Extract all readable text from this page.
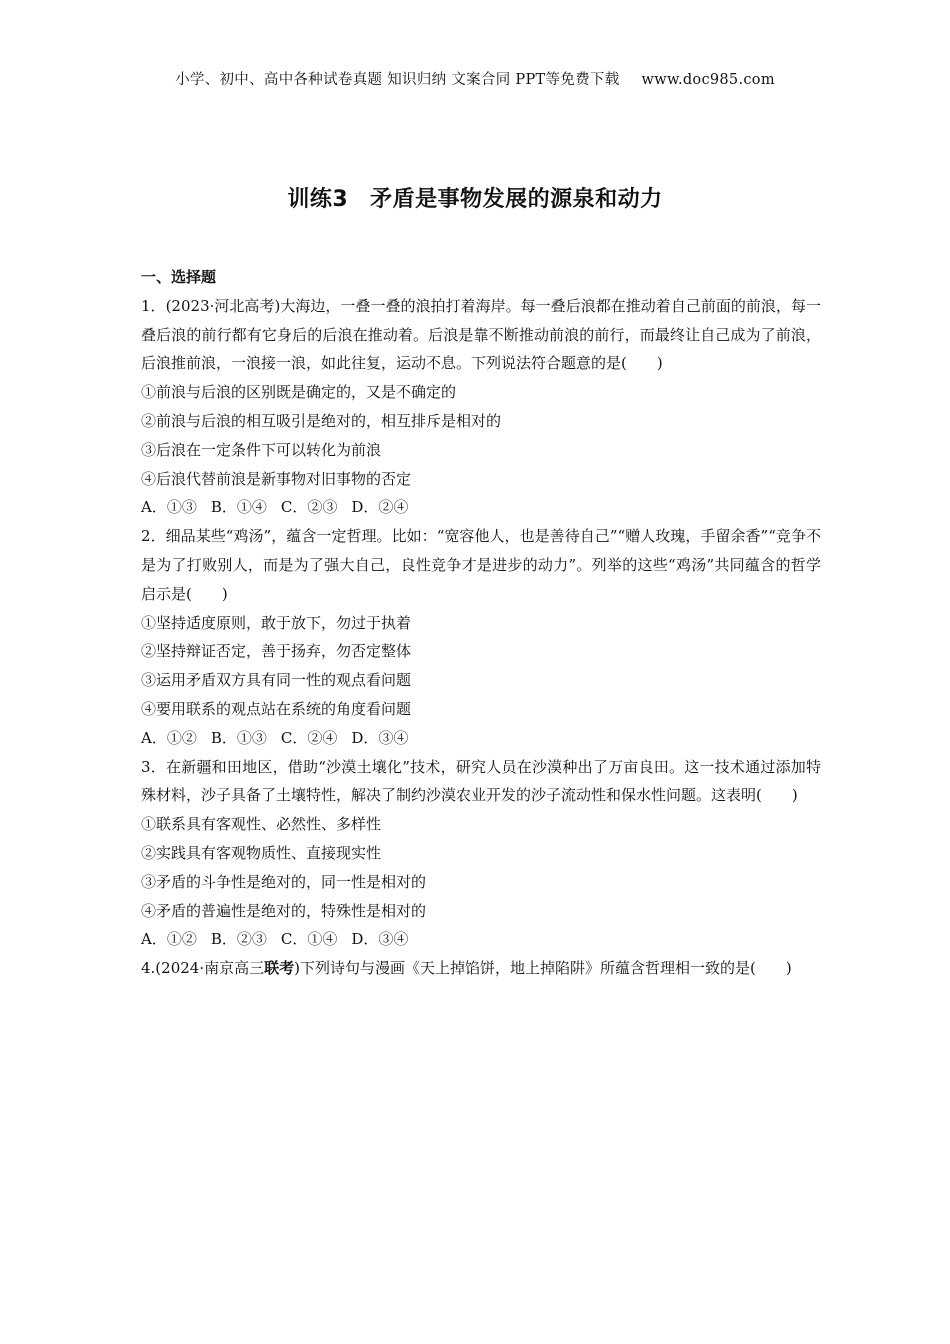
小学、初中、高中各种试卷真题 知识归纳 文案合同 PPT等免费下载 www.doc985.com
训练3 矛盾是事物发展的源泉和动力
一、选择题
1．(2023·河北高考)大海边，一叠一叠的浪拍打着海岸。每一叠后浪都在推动着自己前面的前浪，每一叠后浪的前行都有它身后的后浪在推动着。后浪是靠不断推动前浪的前行，而最终让自己成为了前浪，后浪推前浪，一浪接一浪，如此往复，运动不息。下列说法符合题意的是(　　)
①前浪与后浪的区别既是确定的，又是不确定的
②前浪与后浪的相互吸引是绝对的，相互排斥是相对的
③后浪在一定条件下可以转化为前浪
④后浪代替前浪是新事物对旧事物的否定
A．①③ B．①④ C．②③ D．②④
2．细品某些“鸡汤”，蕴含一定哲理。比如：“宽容他人，也是善待自己”“赠人玫瑰，手留余香”“竞争不是为了打败别人，而是为了强大自己，良性竞争才是进步的动力”。列举的这些“鸡汤”共同蕴含的哲学启示是(　　)
①坚持适度原则，敢于放下，勿过于执着
②坚持辩证否定，善于扬弃，勿否定整体
③运用矛盾双方具有同一性的观点看问题
④要用联系的观点站在系统的角度看问题
A．①② B．①③ C．②④ D．③④
3．在新疆和田地区，借助“沙漠土壤化”技术，研究人员在沙漠种出了万亩良田。这一技术通过添加特殊材料，沙子具备了土壤特性，解决了制约沙漠农业开发的沙子流动性和保水性问题。这表明(　　)
①联系具有客观性、必然性、多样性
②实践具有客观物质性、直接现实性
③矛盾的斗争性是绝对的，同一性是相对的
④矛盾的普遍性是绝对的，特殊性是相对的
A．①② B．②③ C．①④ D．③④
4.(2024·南京高三联考)下列诗句与漫画《天上掉馅饼，地上掉陷阱》所蕴含哲理相一致的是(　　)
